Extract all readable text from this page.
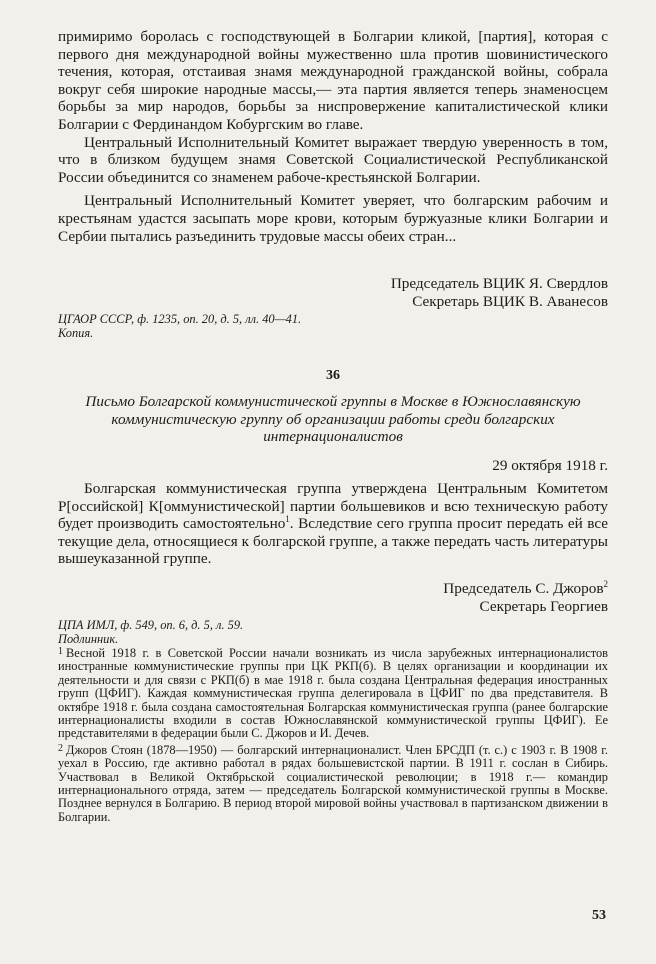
примиримо боролась с господствующей в Болгарии кликой, [партия], которая с первого дня международной войны мужественно шла против шовинистического течения, которая, отстаивая знамя международной гражданской войны, собрала вокруг себя широкие народные массы,— эта партия является теперь знаменосцем борьбы за мир народов, борьбы за ниспровержение капиталистической клики Болгарии с Фердинандом Кобургским во главе.

Центральный Исполнительный Комитет выражает твердую уверенность в том, что в близком будущем знамя Советской Социалистической Республиканской России объединится со знаменем рабоче-крестьянской Болгарии.

Центральный Исполнительный Комитет уверяет, что болгарским рабочим и крестьянам удастся засыпать море крови, которым буржуазные клики Болгарии и Сербии пытались разъединить трудовые массы обеих стран...

Председатель ВЦИК Я. Свердлов
Секретарь ВЦИК В. Аванесов
ЦГАОР СССР, ф. 1235, оп. 20, д. 5, лл. 40—41.
Копия.
36
Письмо Болгарской коммунистической группы в Москве в Южнославянскую коммунистическую группу об организации работы среди болгарских интернационалистов
29 октября 1918 г.

Болгарская коммунистическая группа утверждена Центральным Комитетом Р[оссийской] К[оммунистической] партии большевиков и всю техническую работу будет производить самостоятельно$^1$. Вследствие сего группа просит передать ей все текущие дела, относящиеся к болгарской группе, а также передать часть литературы вышеуказанной группе.

Председатель С. Джоров$^2$
Секретарь Георгиев
ЦПА ИМЛ, ф. 549, оп. 6, д. 5, л. 59.
Подлинник.

$^1$ Весной 1918 г. в Советской России начали возникать из числа зарубежных интернационалистов иностранные коммунистические группы при ЦК РКП(б). В целях организации и координации их деятельности и для связи с РКП(б) в мае 1918 г. была создана Центральная федерация иностранных групп (ЦФИГ). Каждая коммунистическая группа делегировала в ЦФИГ по два представителя. В октябре 1918 г. была создана самостоятельная Болгарская коммунистическая группа (ранее болгарские интернационалисты входили в состав Южнославянской коммунистической группы ЦФИГ). Ее представителями в федерации были С. Джоров и И. Дечев.

$^2$ Джоров Стоян (1878—1950) — болгарский интернационалист. Член БРСДП (т. с.) с 1903 г. В 1908 г. уехал в Россию, где активно работал в рядах большевистской партии. В 1911 г. сослан в Сибирь. Участвовал в Великой Октябрьской социалистической революции; в 1918 г.— командир интернационального отряда, затем — председатель Болгарской коммунистической группы в Москве. Позднее вернулся в Болгарию. В период второй мировой войны участвовал в партизанском движении в Болгарии.

53
